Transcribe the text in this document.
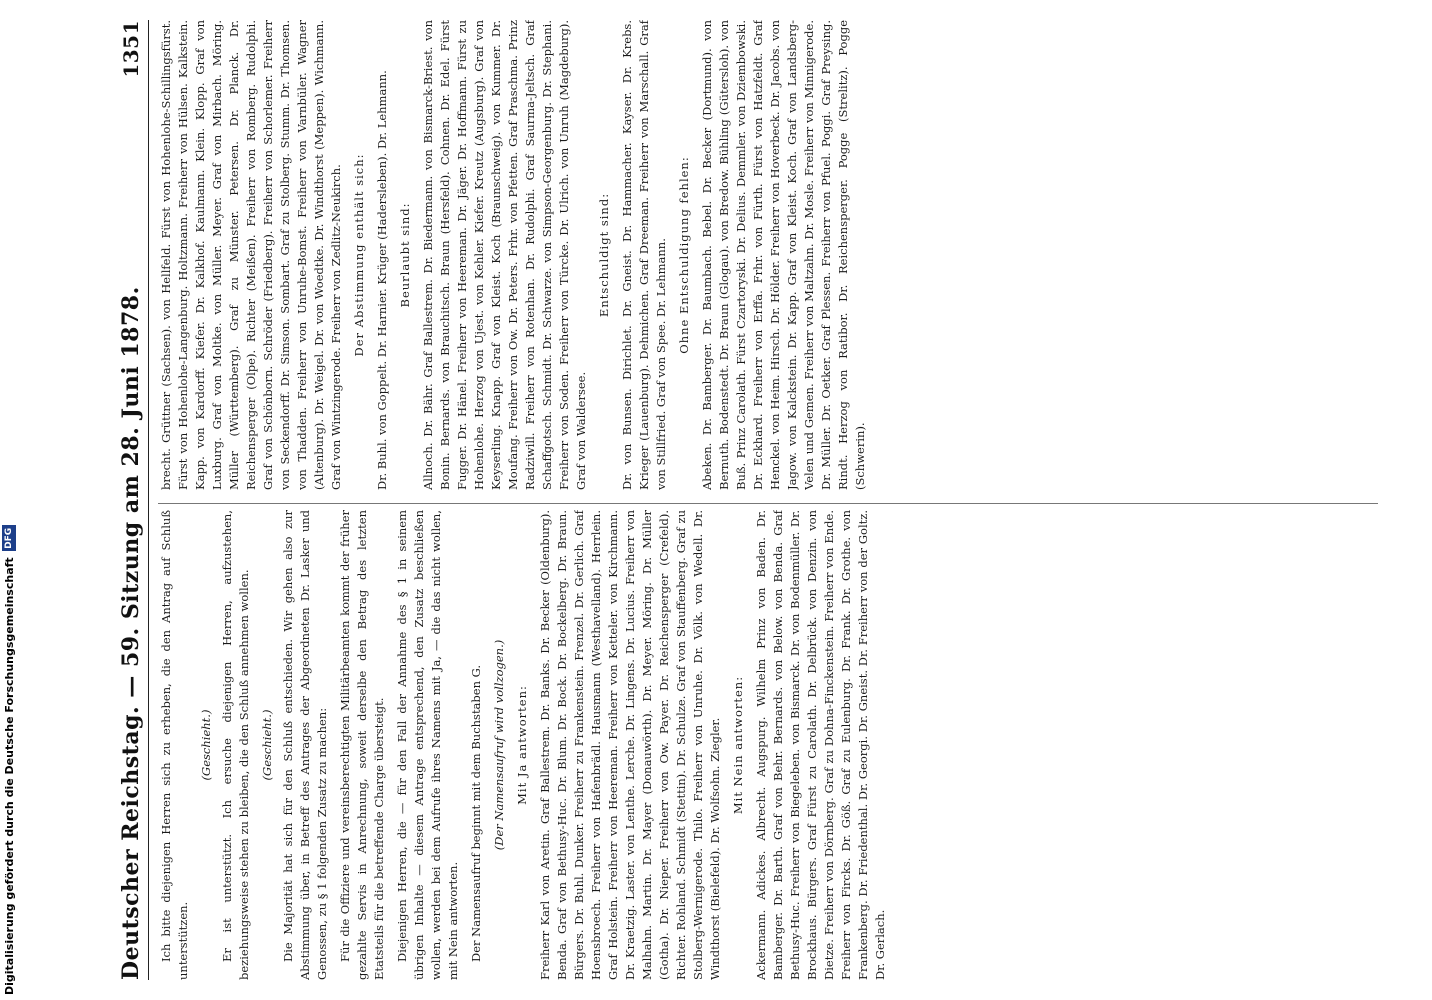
Deutscher Reichstag. — 59. Sitzung am 28. Juni 1878.
1351

Ich bitte diejenigen Herren sich zu erheben, die den Antrag auf Schluß unterstützen.

(Geschieht.) Er ist unterstützt. Ich ersuche diejenigen Herren, aufzustehen, beziehungsweise stehen zu bleiben, die den Schluß annehmen wollen. (Geschieht.) Die Majorität hat sich für den Schluß entschieden. Wir gehen also zur Abstimmung über, in Betreff des Antrages der Abgeordneten Dr. Lasker und Genossen, zu § 1 folgenden Zusatz zu machen: Für die Offiziere und vereinsberechtigten Militärbeamten kommt der früher gezahlte Servis in Anrechnung, soweit derselbe den Betrag des letzten Etatsteils für die betreffende Charge übersteigt. Diejenigen Herren, die — für den Fall der Annahme des § 1 in seinem übrigen Inhalte — diesem Antrage entsprechend, den Zusatz beschließen wollen, werden bei dem Aufrufe ihres Namens mit Ja, — die das nicht wollen, mit Nein antworten. Der Namensaufruf beginnt mit dem Buchstaben G. (Der Namensaufruf wird vollzogen.) Mit Ja antworten: Freiherr Karl von Aretin. Graf Ballestrem. Dr. Banks. Dr. Becker (Oldenburg). Benda. Graf von Bethusy-Huc. Dr. Blum. Dr. Bock. Dr. Bockelberg. Dr. Braun. Bürgers. Dr. Buhl. Dunker. Freiherr zu Frankenstein. Frenzel. Dr. Gerlich. Graf Hoensbroech. Freiherr von Hafenbrädl. Hausmann (Westhavelland). Herrlein. Graf Holstein. Freiherr von Heereman. Freiherr von Ketteler. von Kirchmann. Dr. Kraetzig. Laster. von Lenthe. Lerche. Dr. Lingens. Dr. Lucius. Freiherr von Malhahn. Martin. Dr. Mayer (Donauwörth). Dr. Meyer. Möring. Dr. Müller (Gotha). Dr. Nieper. Freiherr von Ow. Payer. Dr. Reichensperger (Crefeld). Richter. Rohland. Schmidt (Stettin). Dr. Schulze. Graf von Stauffenberg. Graf zu Stolberg-Wernigerode. Thilo. Freiherr von Unruhe. Dr. Völk. von Wedell. Dr. Windthorst (Bielefeld). Dr. Wolfsohn. Ziegler. Mit Nein antworten: Ackermann. Adickes. Albrecht. Augspurg. Wilhelm Prinz von Baden. Dr. Bamberger. Dr. Barth. Graf von Behr. Bernards. von Below. von Benda. Graf Bethusy-Huc. Freiherr von Biegeleben. von Bismarck. Dr. von Bodenmüller. Dr. Brockhaus. Bürgers. Graf Fürst zu Carolath. Dr. Delbrück. von Denzin. von Dietze. Freiherr von Dörnberg. Graf zu Dohna-Finckenstein. Freiherr von Ende. Freiherr von Fircks. Dr. Göß. Graf zu Eulenburg. Dr. Frank. Dr. Grothe. von Frankenberg. Dr. Friedenthal. Dr. Georgi. Dr. Gneist. Dr. Freiherr von der Goltz. Dr. Gerlach.

brecht. Grüttner (Sachsen). von Hellfeld. Fürst von Hohenlohe-Schillingsfürst. Fürst von Hohenlohe-Langenburg. Holtzmann. Freiherr von Hülsen. Kalkstein. Kapp. von Kardorff. Kiefer. Dr. Kalkhof. Kaulmann. Klein. Klopp. Graf von Luxburg. Graf von Moltke. von Müller. Meyer. Graf von Mirbach. Möring. Müller (Württemberg). Graf zu Münster. Petersen. Dr. Planck. Dr. Reichensperger (Olpe). Richter (Meißen). Freiherr von Romberg. Rudolphi. Graf von Schönborn. Schröder (Friedberg). Freiherr von Schorlemer. Freiherr von Seckendorff. Dr. Simson. Sombart. Graf zu Stolberg. Stumm. Dr. Thomsen. von Thadden. Freiherr von Unruhe-Bomst. Freiherr von Varnbüler. Wagner (Altenburg). Dr. Weigel. Dr. von Woedtke. Dr. Windthorst (Meppen). Wichmann. Graf von Wintzingerode. Freiherr von Zedlitz-Neukirch. Der Abstimmung enthält sich: Dr. Buhl. von Goppelt. Dr. Harnier. Krüger (Hadersleben). Dr. Lehmann. Beurlaubt sind: Allnoch. Dr. Bähr. Graf Ballestrem. Dr. Biedermann. von Bismarck-Briest. von Bonin. Bernards. von Brauchitsch. Braun (Hersfeld). Cohnen. Dr. Edel. Fürst Fugger. Dr. Hänel. Freiherr von Heereman. Dr. Jäger. Dr. Hoffmann. Fürst zu Hohenlohe. Herzog von Ujest. von Kehler. Kiefer. Kreutz (Augsburg). Graf von Keyserling. Knapp. Graf von Kleist. Koch (Braunschweig). von Kummer. Dr. Moufang. Freiherr von Ow. Dr. Peters. Frhr. von Pfetten. Graf Praschma. Prinz Radziwill. Freiherr von Rotenhan. Dr. Rudolphi. Graf Saurma-Jeltsch. Graf Schaffgotsch. Schmidt. Dr. Schwarze. von Simpson-Georgenburg. Dr. Stephani. Freiherr von Soden. Freiherr von Türcke. Dr. Ulrich. von Unruh (Magdeburg). Graf von Waldersee.

Entschuldigt sind: Dr. von Bunsen. Dirichlet. Dr. Gneist. Dr. Hammacher. Kayser. Dr. Krebs. Krieger (Lauenburg). Dehmichen. Graf Dreeman. Freiherr von Marschall. Graf von Stillfried. Graf von Spee. Dr. Lehmann. Ohne Entschuldigung fehlen: Abeken. Dr. Bamberger. Dr. Baumbach. Bebel. Dr. Becker (Dortmund). von Bernuth. Bodenstedt. Dr. Braun (Glogau). von Bredow. Bühling (Gütersloh). von Buß. Prinz Carolath. Fürst Czartoryski. Dr. Delius. Demmler. von Dziembowski. Dr. Eckhard. Freiherr von Erffa. Frhr. von Fürth. Fürst von Hatzfeldt. Graf Henckel. von Heim. Hirsch. Dr. Hölder. Freiherr von Hoverbeck. Dr. Jacobs. von Jagow. von Kalckstein. Dr. Kapp. Graf von Kleist. Koch. Graf von Landsberg-Velen und Gemen. Freiherr von Maltzahn. Dr. Mosle. Freiherr von Minnigerode. Dr. Müller. Dr. Oetker. Graf Plessen. Freiherr von Pfuel. Poggi. Graf Preysing. Rindt. Herzog von Ratibor. Dr. Reichensperger. Pogge (Strelitz). Pogge (Schwerin).

Digitalisierung gefördert durch die Deutsche Forschungsgemeinschaft
DFG
